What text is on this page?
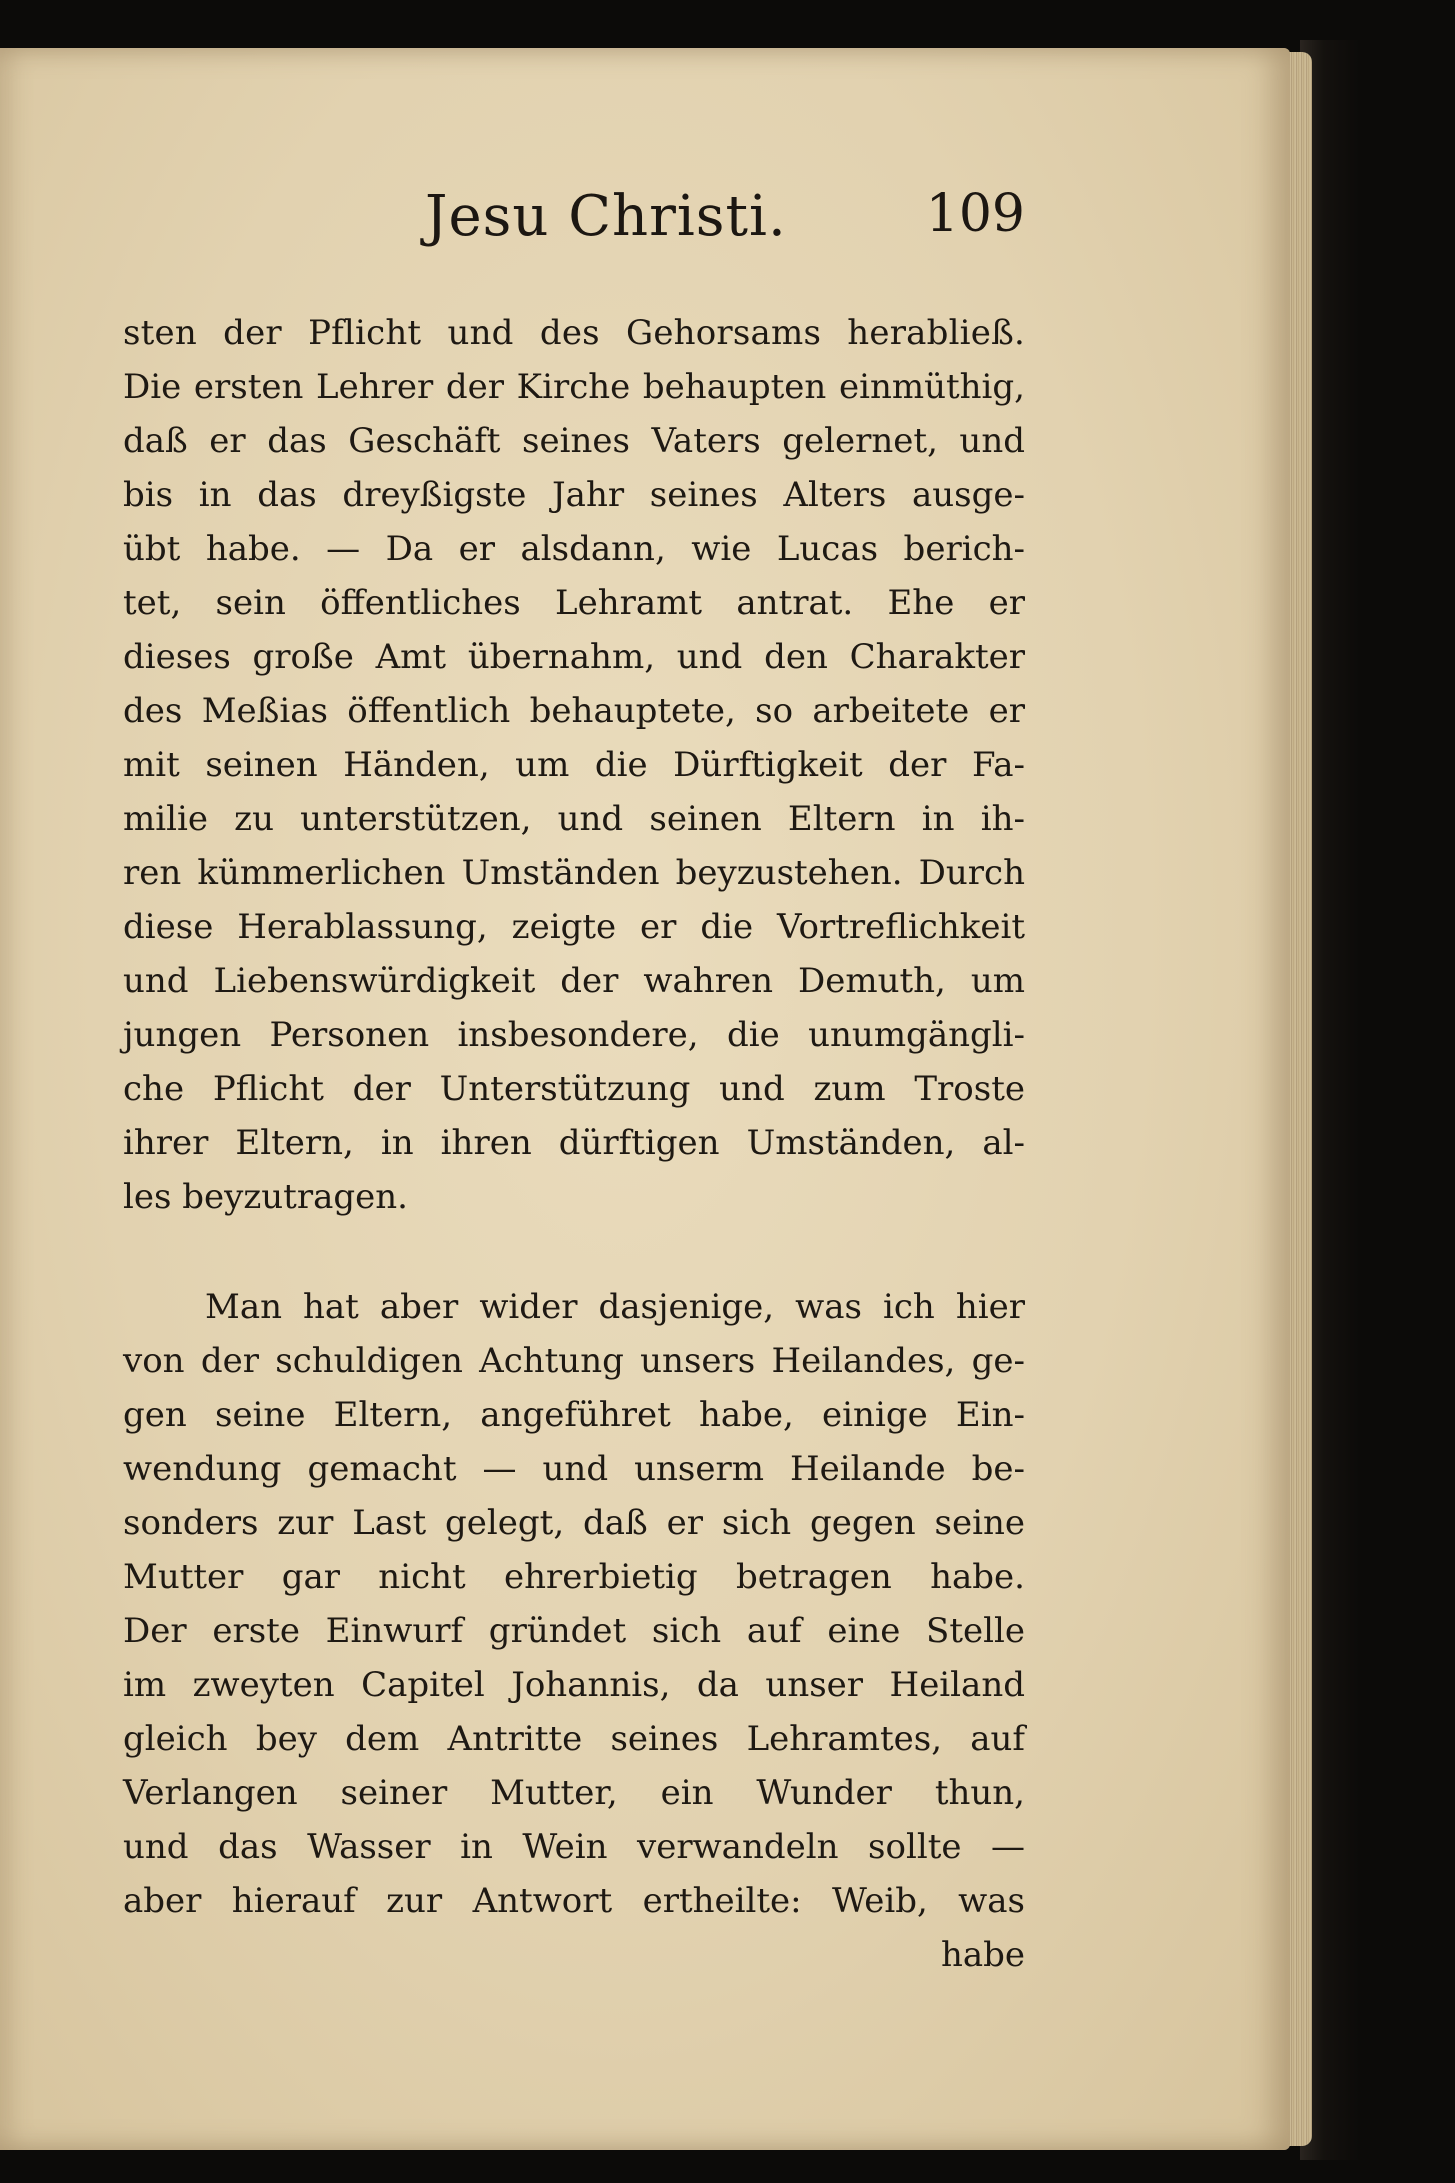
Jesu Christi.	109
sten der Pflicht und des Gehorsams herabließ.
Die ersten Lehrer der Kirche behaupten einmüthig,
daß er das Geschäft seines Vaters gelernet, und
bis in das dreyßigste Jahr seines Alters ausge-
übt habe. — Da er alsdann, wie Lucas berich-
tet, sein öffentliches Lehramt antrat. Ehe er
dieses große Amt übernahm, und den Charakter
des Meßias öffentlich behauptete, so arbeitete er
mit seinen Händen, um die Dürftigkeit der Fa-
milie zu unterstützen, und seinen Eltern in ih-
ren kümmerlichen Umständen beyzustehen. Durch
diese Herablassung, zeigte er die Vortreflichkeit
und Liebenswürdigkeit der wahren Demuth, um
jungen Personen insbesondere, die unumgängli-
che Pflicht der Unterstützung und zum Troste
ihrer Eltern, in ihren dürftigen Umständen, al-
les beyzutragen.
Man hat aber wider dasjenige, was ich hier
von der schuldigen Achtung unsers Heilandes, ge-
gen seine Eltern, angeführet habe, einige Ein-
wendung gemacht — und unserm Heilande be-
sonders zur Last gelegt, daß er sich gegen seine
Mutter gar nicht ehrerbietig betragen habe.
Der erste Einwurf gründet sich auf eine Stelle
im zweyten Capitel Johannis, da unser Heiland
gleich bey dem Antritte seines Lehramtes, auf
Verlangen seiner Mutter, ein Wunder thun,
und das Wasser in Wein verwandeln sollte —
aber hierauf zur Antwort ertheilte: Weib, was
habe
